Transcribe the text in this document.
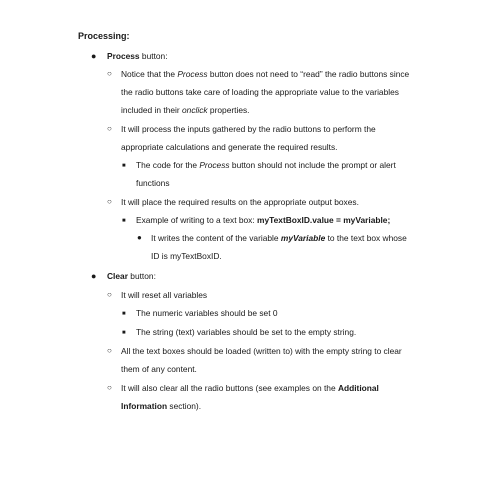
Processing:
● Process button:
○ Notice that the Process button does not need to “read” the radio buttons since
the radio buttons take care of loading the appropriate value to the variables
included in their onclick properties.
○ It will process the inputs gathered by the radio buttons to perform the
appropriate calculations and generate the required results.
■ The code for the Process button should not include the prompt or alert
functions
○ It will place the required results on the appropriate output boxes.
■ Example of writing to a text box: myTextBoxID.value = myVariable;
● It writes the content of the variable myVariable to the text box whose
ID is myTextBoxID.
● Clear button:
○ It will reset all variables
■ The numeric variables should be set 0
■ The string (text) variables should be set to the empty string.
○ All the text boxes should be loaded (written to) with the empty string to clear
them of any content.
○ It will also clear all the radio buttons (see examples on the Additional
Information section).
